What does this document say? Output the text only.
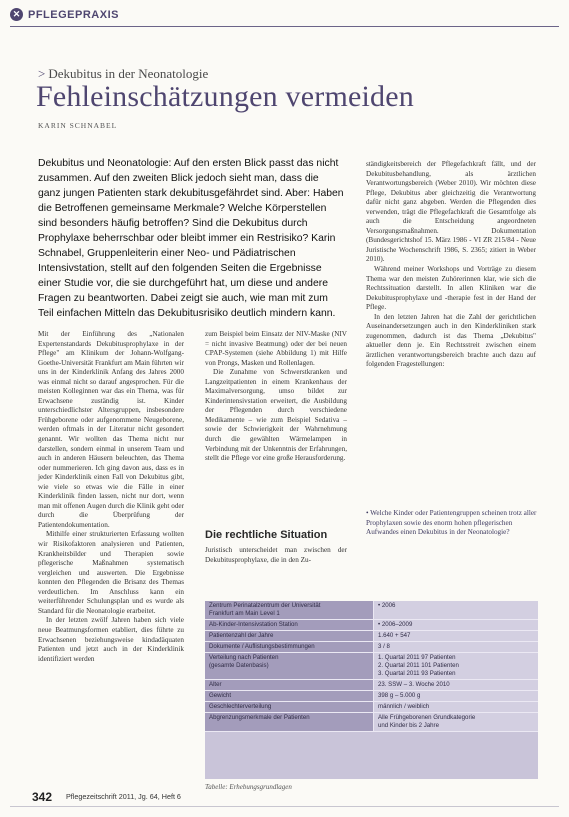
✕ PFLEGEPRAXIS
> Dekubitus in der Neonatologie
Fehleinschätzungen vermeiden
KARIN SCHNABEL
Dekubitus und Neonatologie: Auf den ersten Blick passt das nicht zusammen. Auf den zweiten Blick jedoch sieht man, dass die ganz jungen Patienten stark dekubitusgefährdet sind. Aber: Haben die Betroffenen gemeinsame Merkmale? Welche Körperstellen sind besonders häufig betroffen? Sind die Dekubitus durch Prophylaxe beherrschbar oder bleibt immer ein Restrisiko? Karin Schnabel, Gruppenleiterin einer Neo- und Pädiatrischen Intensivstation, stellt auf den folgenden Seiten die Ergebnisse einer Studie vor, die sie durchgeführt hat, um diese und andere Fragen zu beantworten. Dabei zeigt sie auch, wie man mit zum Teil einfachen Mitteln das Dekubitusrisiko deutlich mindern kann.

Mit der Einführung des „Nationalen Expertenstandards Dekubitusprophylaxe in der Pflege" am Klinikum der Johann-Wolfgang-Goethe-Universität Frankfurt am Main führten wir uns in der Kinderklinik Anfang des Jahres 2000 was einmal nicht so darauf angesprochen. Für die meisten Kolleginnen war das ein Thema, was für Erwachsene zuständig ist. Kinder unterschiedlichster Altersgruppen, insbesondere Frühgeborene oder aufgenommene Neugeborene, werden oftmals in der Literatur nicht gesondert genannt. Wir wollten das Thema nicht nur darstellen, sondern einmal in unserem Team und auch in anderen Häusern beleuchten, das Thema oder nummerieren. Ich ging davon aus, dass es in jeder Kinderklinik einen Fall von Dekubitus gibt, wie viele so etwas wie die Fälle in einer Kinderklinik finden lassen, nicht nur dort, wenn man mit offenen Augen durch die Klinik geht oder durch die Überprüfung der Patientendokumentation.

Mithilfe einer strukturierten Erfassung wollten wir Risikofaktoren analysieren und Patienten, Krankheitsbilder und Therapien sowie pflegerische Maßnahmen systematisch vergleichen und auswerten. Die Ergebnisse konnten den Pflegenden die Brisanz des Themas verdeutlichen. Im Anschluss kann ein weiterführender Schulungsplan und es wurde als Standard für die Neonatologie erarbeitet.

In der letzten zwölf Jahren haben sich viele neue Beatmungsformen etabliert, dies führte zu Erwachsenen beziehungsweise kindadäquaten Patienten und jetzt auch in der Kinderklinik identifiziert werden

zum Beispiel beim Einsatz der NIV-Maske (NIV = nicht invasive Beatmung) oder der bei neuen CPAP-Systemen (siehe Abbildung 1) mit Hilfe von Prongs, Masken und Rollenlagen.

Die Zunahme von Schwerstkranken und Langzeitpatienten in einem Krankenhaus der Maximalversorgung, umso bildet zur Kinderintensivstation erweitert, die Ausbildung der Pflegenden durch verschiedene Medikamente – wie zum Beispiel Sedativa – sowie der Schwierigkeit der Wahrnehmung durch die gewählten Wärmelampen in Verbindung mit der Unkenntnis der Erfahrungen, stellt die Pflege vor eine große Herausforderung.

Die rechtliche Situation

Juristisch unterscheidet man zwischen der Dekubitusprophylaxe, die in den Zu-

ständigkeitsbereich der Pflegefachkraft fällt, und der Dekubitusbehandlung, als ärztlichen Verantwortungsbereich (Weber 2010). Wir möchten diese Pflege, Dekubitus aber gleichzeitig die Verantwortung dafür nicht ganz abgeben. Werden die Pflegenden dies verwenden, trägt die Pflegefachkraft die Gesamtfolge als auch die Entscheidung angeordneten Versorgungsmaßnahmen. Dokumentation (Bundesgerichtshof 15. März 1986 - VI ZR 215/84 - Neue Juristische Wochenschrift 1986, S. 2365; zitiert in Weber 2010).

Während meiner Workshops und Vorträge zu diesem Thema war den meisten Zuhörerinnen klar, wie sich die Rechtssituation darstellt. In allen Kliniken war die Dekubitusprophylaxe und -therapie fest in der Hand der Pflege.

In den letzten Jahren hat die Zahl der gerichtlichen Auseinandersetzungen auch in den Kinderkliniken stark zugenommen, dadurch ist das Thema „Dekubitus" aktueller denn je. Ein Rechtsstreit zwischen einem ärztlichen verantwortungsbereich brachte auch dazu auf folgenden Fragestellungen:

• Welche Kinder oder Patientengruppen scheinen trotz aller Prophylaxen sowie des enorm hohen pflegerischen Aufwandes einen Dekubitus in der Neonatologie?
Zentrum Perinatalzentrum der Universität
Frankfurt am Main Level 1	• 2006
Ab-Kinder-Intensivstation Station	• 2006–2009
Patientenzahl der Jahre	1.640 + 547
Dokumente / Auflistungsbestimmungen	3 / 8
Verteilung nach Patienten
(gesamte Datenbasis)	1. Quartal 2011 97 Patienten
2. Quartal 2011 101 Patienten
3. Quartal 2011 93 Patienten
Alter	23. SSW – 3. Woche 2010
Gewicht	398 g – 5.000 g
Geschlechterverteilung	männlich / weiblich
Abgrenzungsmerkmale der Patienten	Alle Frühgeborenen Grundkategorie
und Kinder bis 2 Jahre
Tabelle: Erhebungsgrundlagen
342 Pflegezeitschrift 2011, Jg. 64, Heft 6
